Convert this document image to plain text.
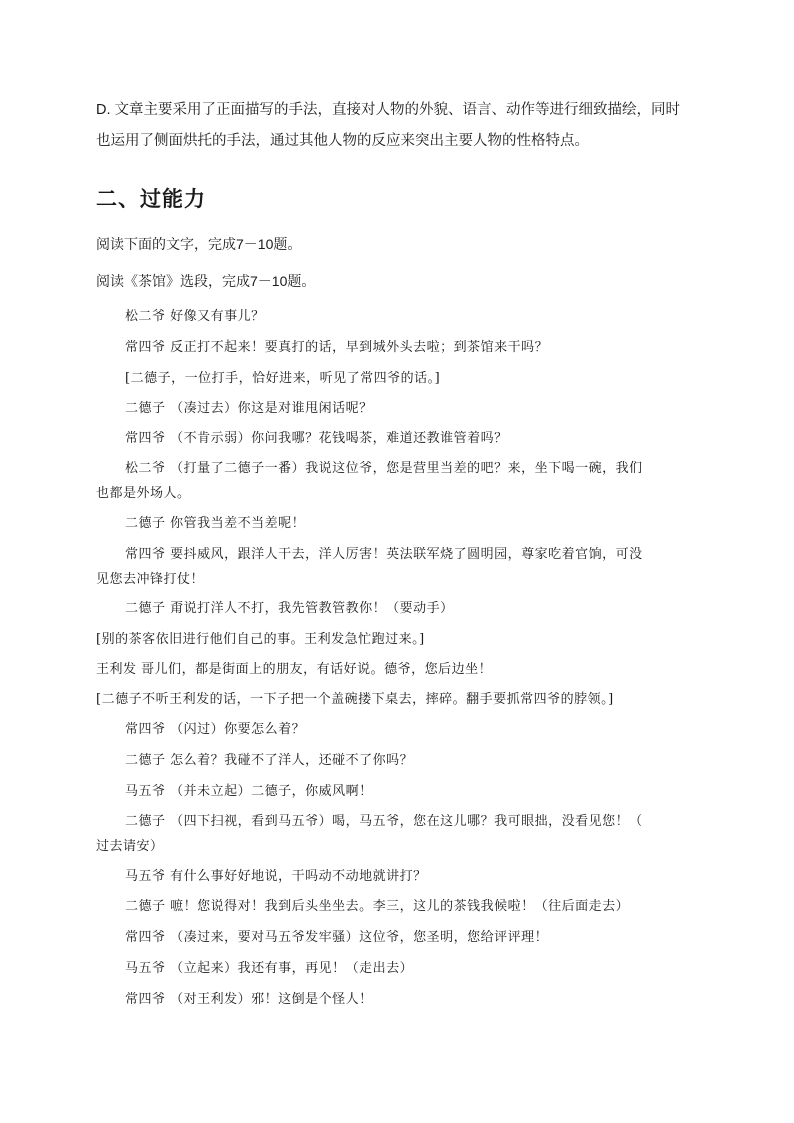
D. 文章主要采用了正面描写的手法，直接对人物的外貌、语言、动作等进行细致描绘，同时
也运用了侧面烘托的手法，通过其他人物的反应来突出主要人物的性格特点。
二、过能力
阅读下面的文字，完成7－10题。
阅读《茶馆》选段，完成7－10题。
松二爷 好像又有事儿？
常四爷 反正打不起来！要真打的话，早到城外头去啦；到茶馆来干吗？
[二德子，一位打手，恰好进来，听见了常四爷的话。]
二德子 （凑过去）你这是对谁甩闲话呢？
常四爷 （不肯示弱）你问我哪？花钱喝茶，难道还教谁管着吗？
松二爷 （打量了二德子一番）我说这位爷，您是营里当差的吧？来，坐下喝一碗，我们
也都是外场人。
二德子 你管我当差不当差呢！
常四爷 要抖威风，跟洋人干去，洋人厉害！英法联军烧了圆明园，尊家吃着官饷，可没
见您去冲锋打仗！
二德子 甭说打洋人不打，我先管教管教你！（要动手）
[别的茶客依旧进行他们自己的事。王利发急忙跑过来。]
王利发 哥儿们，都是街面上的朋友，有话好说。德爷，您后边坐！
[二德子不听王利发的话，一下子把一个盖碗搂下桌去，摔碎。翻手要抓常四爷的脖领。]
常四爷 （闪过）你要怎么着？
二德子 怎么着？我碰不了洋人，还碰不了你吗？
马五爷 （并未立起）二德子，你威风啊！
二德子 （四下扫视，看到马五爷）喝，马五爷，您在这儿哪？我可眼拙，没看见您！（
过去请安）
马五爷 有什么事好好地说，干吗动不动地就讲打？
二德子 嗻！您说得对！我到后头坐坐去。李三，这儿的茶钱我候啦！（往后面走去）
常四爷 （凑过来，要对马五爷发牢骚）这位爷，您圣明，您给评评理！
马五爷 （立起来）我还有事，再见！（走出去）
常四爷 （对王利发）邪！这倒是个怪人！
